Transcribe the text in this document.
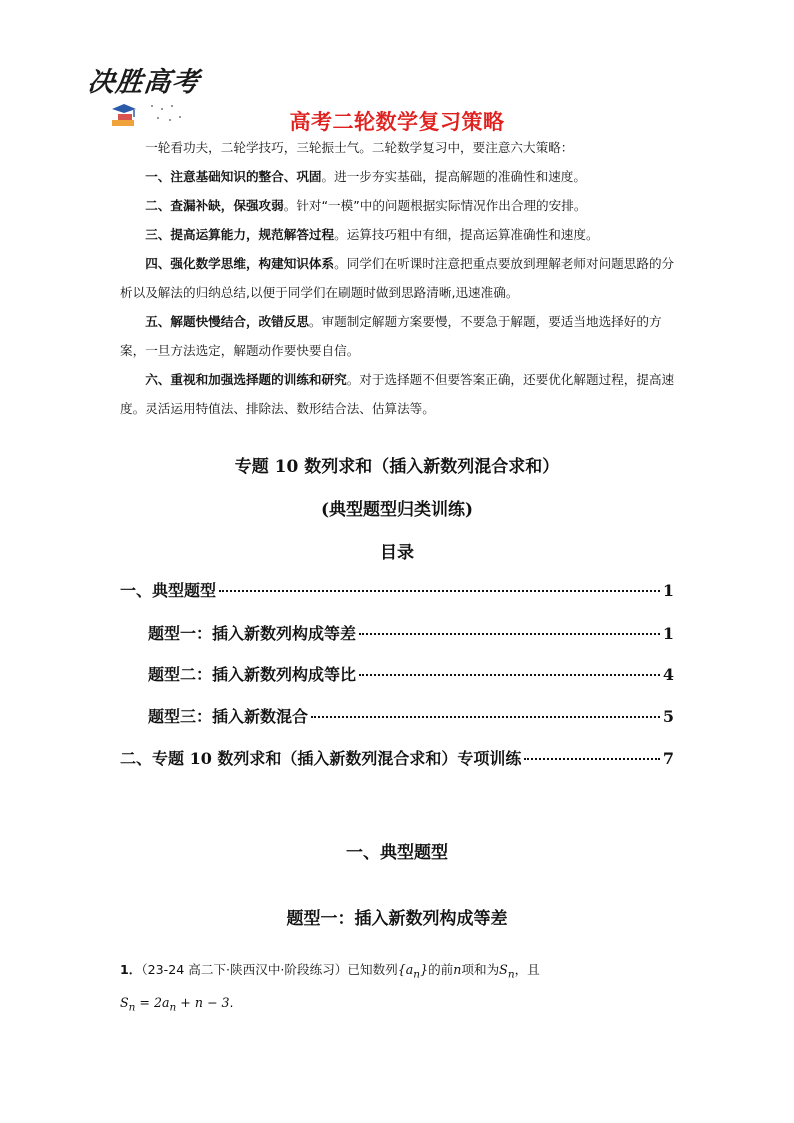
决胜高考
高考二轮数学复习策略

一轮看功夫，二轮学技巧，三轮振士气。二轮数学复习中，要注意六大策略：

一、注意基础知识的整合、巩固。进一步夯实基础，提高解题的准确性和速度。

二、查漏补缺，保强攻弱。针对“一模”中的问题根据实际情况作出合理的安排。

三、提高运算能力，规范解答过程。运算技巧粗中有细，提高运算准确性和速度。

四、强化数学思维，构建知识体系。同学们在听课时注意把重点要放到理解老师对问题思路的分析以及解法的归纳总结,以便于同学们在刷题时做到思路清晰,迅速准确。

五、解题快慢结合，改错反思。审题制定解题方案要慢，不要急于解题，要适当地选择好的方案，一旦方法选定，解题动作要快要自信。

六、重视和加强选择题的训练和研究。对于选择题不但要答案正确，还要优化解题过程，提高速度。灵活运用特值法、排除法、数形结合法、估算法等。

专题 10 数列求和（插入新数列混合求和）
(典型题型归类训练)
目录
一、典型题型	1
题型一：插入新数列构成等差	1
题型二：插入新数列构成等比	4
题型三：插入新数混合	5
二、专题 10 数列求和（插入新数列混合求和）专项训练	7
一、典型题型
题型一：插入新数列构成等差
1．（23-24 高二下·陕西汉中·阶段练习）已知数列$\{a_n\}$的前n项和为$S_n$，且
$S_n = 2a_n + n - 3$.
